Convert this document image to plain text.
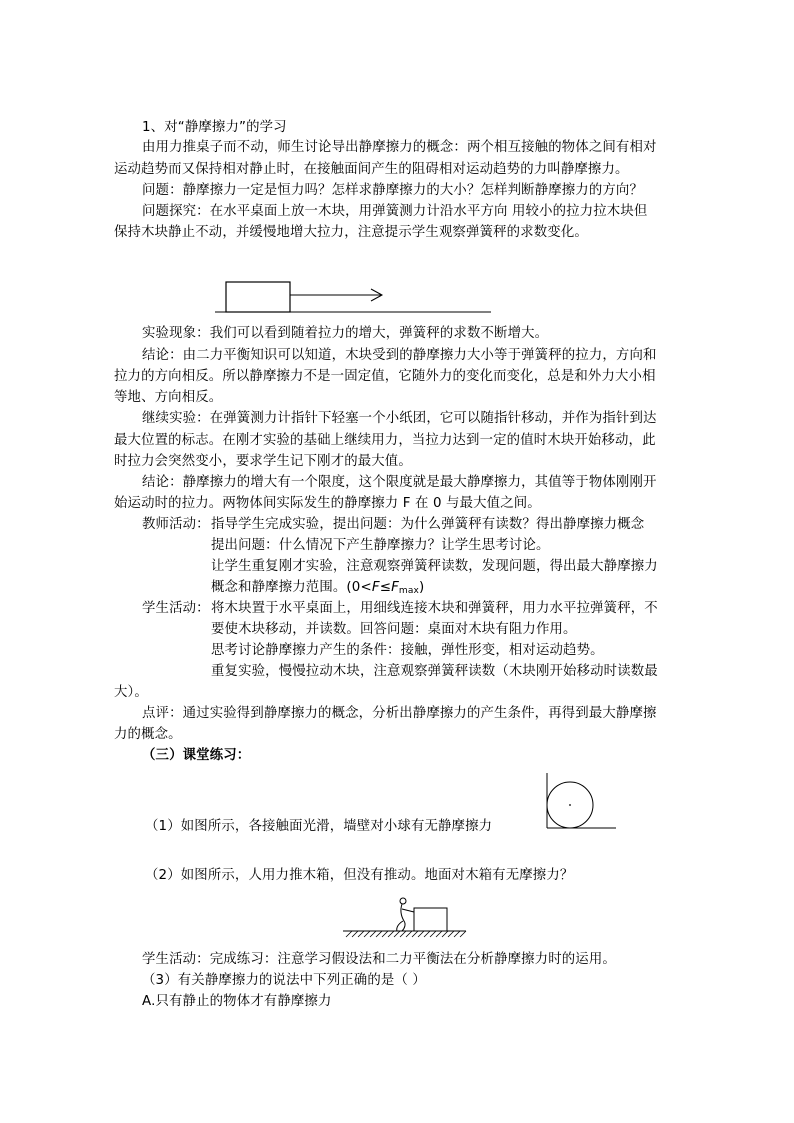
1、对“静摩擦力”的学习
由用力推桌子而不动，师生讨论导出静摩擦力的概念：两个相互接触的物体之间有相对
运动趋势而又保持相对静止时，在接触面间产生的阻碍相对运动趋势的力叫静摩擦力。
问题：静摩擦力一定是恒力吗？怎样求静摩擦力的大小？怎样判断静摩擦力的方向？
问题探究：在水平桌面上放一木块，用弹簧测力计沿水平方向 用较小的拉力拉木块但
保持木块静止不动，并缓慢地增大拉力，注意提示学生观察弹簧秤的求数变化。
实验现象：我们可以看到随着拉力的增大，弹簧秤的求数不断增大。
结论：由二力平衡知识可以知道，木块受到的静摩擦力大小等于弹簧秤的拉力，方向和
拉力的方向相反。所以静摩擦力不是一固定值，它随外力的变化而变化，总是和外力大小相
等地、方向相反。
继续实验：在弹簧测力计指针下轻塞一个小纸团，它可以随指针移动，并作为指针到达
最大位置的标志。在刚才实验的基础上继续用力，当拉力达到一定的值时木块开始移动，此
时拉力会突然变小，要求学生记下刚才的最大值。
结论：静摩擦力的增大有一个限度，这个限度就是最大静摩擦力，其值等于物体刚刚开
始运动时的拉力。两物体间实际发生的静摩擦力 F 在 0 与最大值之间。
教师活动： 指导学生完成实验，提出问题：为什么弹簧秤有读数？得出静摩擦力概念
提出问题：什么情况下产生静摩擦力？让学生思考讨论。
让学生重复刚才实验，注意观察弹簧秤读数，发现问题，得出最大静摩擦力
概念和静摩擦力范围。$(0<F\le F_{max})$
学生活动： 将木块置于水平桌面上，用细线连接木块和弹簧秤，用力水平拉弹簧秤，不
要使木块移动，并读数。回答问题：桌面对木块有阻力作用。
思考讨论静摩擦力产生的条件：接触，弹性形变，相对运动趋势。
重复实验，慢慢拉动木块，注意观察弹簧秤读数（木块刚开始移动时读数最
大）。
点评：通过实验得到静摩擦力的概念，分析出静摩擦力的产生条件，再得到最大静摩擦
力的概念。
（三）课堂练习：
（1）如图所示，各接触面光滑，墙壁对小球有无静摩擦力
（2）如图所示，人用力推木箱，但没有推动。地面对木箱有无摩擦力？
学生活动：完成练习：注意学习假设法和二力平衡法在分析静摩擦力时的运用。
（3）有关静摩擦力的说法中下列正确的是（ ）
A.只有静止的物体才有静摩擦力
